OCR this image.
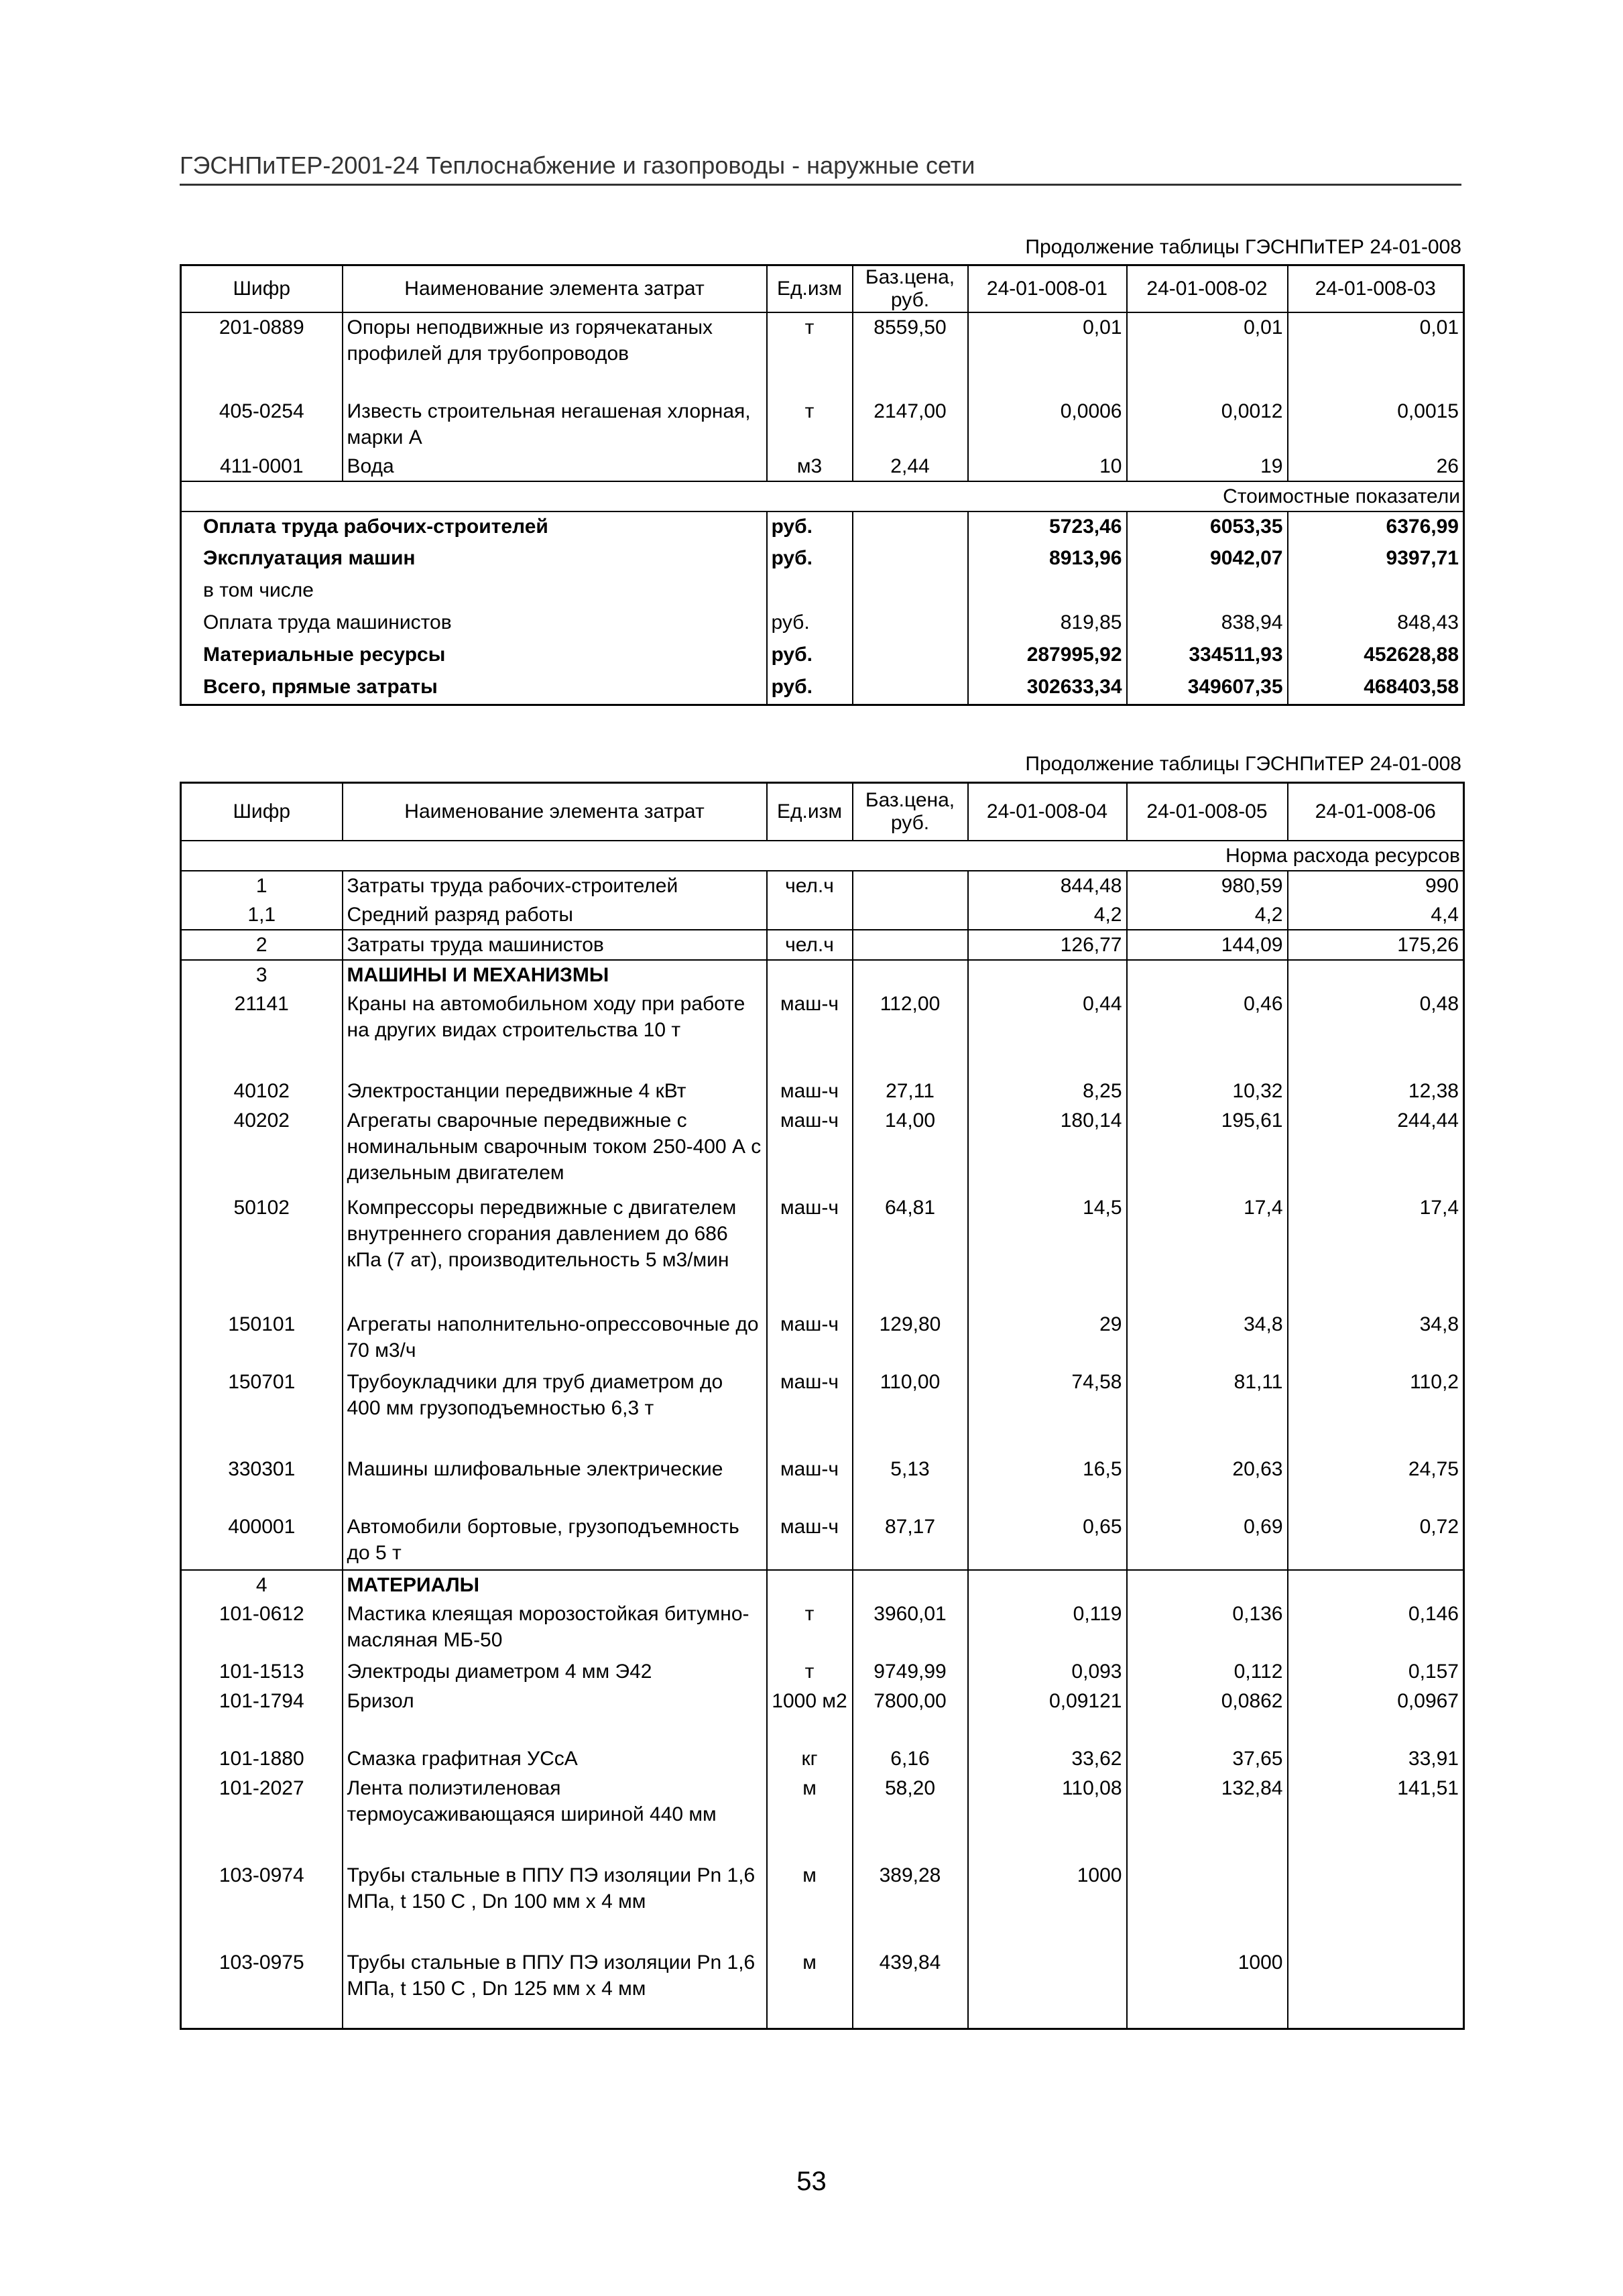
ГЭСНПиТЕР-2001-24 Теплоснабжение и газопроводы - наружные сети
Продолжение таблицы ГЭСНПиТЕР 24-01-008
Шифр	Наименование элемента затрат	Ед.изм	Баз.цена, руб.	24-01-008-01	24-01-008-02	24-01-008-03
201-0889	Опоры неподвижные из горячекатаных профилей для трубопроводов	т	8559,50	0,01	0,01	0,01
405-0254	Известь строительная негашеная хлорная, марки А	т	2147,00	0,0006	0,0012	0,0015
411-0001	Вода	м3	2,44	10	19	26
Стоимостные показатели						
Оплата труда рабочих-строителей		руб.		5723,46	6053,35	6376,99
Эксплуатация машин		руб.		8913,96	9042,07	9397,71
в том числе						
Оплата труда машинистов		руб.		819,85	838,94	848,43
Материальные ресурсы		руб.		287995,92	334511,93	452628,88
Всего, прямые затраты		руб.		302633,34	349607,35	468403,58
Продолжение таблицы ГЭСНПиТЕР 24-01-008
Шифр	Наименование элемента затрат	Ед.изм	Баз.цена, руб.	24-01-008-04	24-01-008-05	24-01-008-06
Норма расхода ресурсов						
1	Затраты труда рабочих-строителей	чел.ч		844,48	980,59	990
1,1	Средний разряд работы			4,2	4,2	4,4
2	Затраты труда машинистов	чел.ч		126,77	144,09	175,26
3	МАШИНЫ И МЕХАНИЗМЫ					
21141	Краны на автомобильном ходу при работе на других видах строительства 10 т	маш-ч	112,00	0,44	0,46	0,48
40102	Электростанции передвижные 4 кВт	маш-ч	27,11	8,25	10,32	12,38
40202	Агрегаты сварочные передвижные с номинальным сварочным током 250-400 А с дизельным двигателем	маш-ч	14,00	180,14	195,61	244,44
50102	Компрессоры передвижные с двигателем внутреннего сгорания давлением до 686 кПа (7 ат), производительность 5 м3/мин	маш-ч	64,81	14,5	17,4	17,4
150101	Агрегаты наполнительно-опрессовочные до 70 м3/ч	маш-ч	129,80	29	34,8	34,8
150701	Трубоукладчики для труб диаметром до 400 мм грузоподъемностью 6,3 т	маш-ч	110,00	74,58	81,11	110,2
330301	Машины шлифовальные электрические	маш-ч	5,13	16,5	20,63	24,75
400001	Автомобили бортовые, грузоподъемность до 5 т	маш-ч	87,17	0,65	0,69	0,72
4	МАТЕРИАЛЫ					
101-0612	Мастика клеящая морозостойкая битумно-масляная МБ-50	т	3960,01	0,119	0,136	0,146
101-1513	Электроды диаметром 4 мм Э42	т	9749,99	0,093	0,112	0,157
101-1794	Бризол	1000 м2	7800,00	0,09121	0,0862	0,0967
101-1880	Смазка графитная УСсА	кг	6,16	33,62	37,65	33,91
101-2027	Лента полиэтиленовая термоусаживающаяся шириной 440 мм	м	58,20	110,08	132,84	141,51
103-0974	Трубы стальные в ППУ ПЭ изоляции Pn 1,6 МПа, t 150 С , Dn 100 мм x 4 мм	м	389,28	1000		
103-0975	Трубы стальные в ППУ ПЭ изоляции Pn 1,6 МПа, t 150 С , Dn 125 мм x 4 мм	м	439,84		1000	
53
